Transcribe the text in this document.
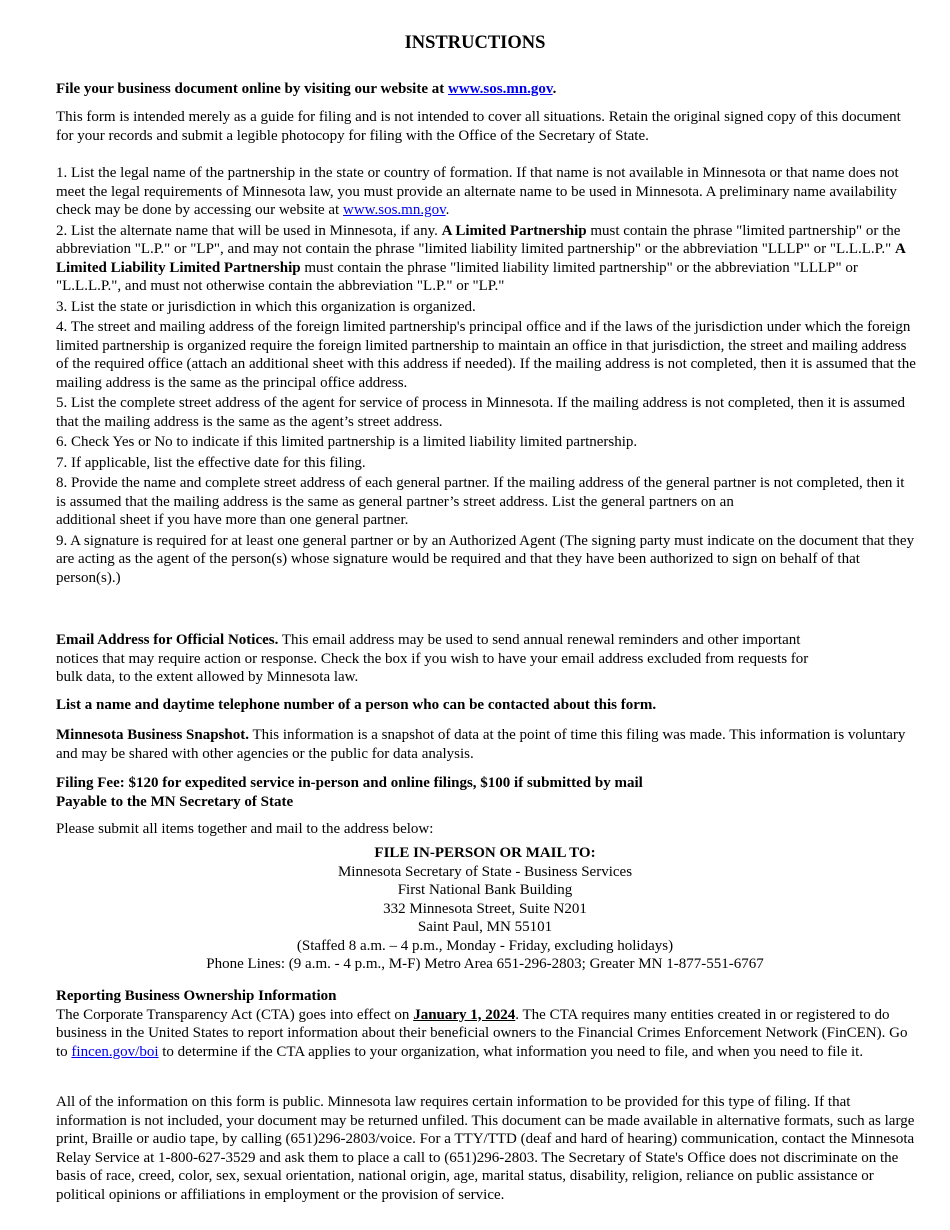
INSTRUCTIONS

File your business document online by visiting our website at www.sos.mn.gov.

This form is intended merely as a guide for filing and is not intended to cover all situations. Retain the original signed copy of this document for your records and submit a legible photocopy for filing with the Office of the Secretary of State.

1. List the legal name of the partnership in the state or country of formation. If that name is not available in Minnesota or that name does not meet the legal requirements of Minnesota law, you must provide an alternate name to be used in Minnesota. A preliminary name availability check may be done by accessing our website at www.sos.mn.gov.

2. List the alternate name that will be used in Minnesota, if any. A Limited Partnership must contain the phrase "limited partnership" or the abbreviation "L.P." or "LP", and may not contain the phrase "limited liability limited partnership" or the abbreviation "LLLP" or "L.L.L.P." A Limited Liability Limited Partnership must contain the phrase "limited liability limited partnership" or the abbreviation "LLLP" or "L.L.L.P.", and must not otherwise contain the abbreviation "L.P." or "LP."

3. List the state or jurisdiction in which this organization is organized.

4. The street and mailing address of the foreign limited partnership's principal office and if the laws of the jurisdiction under which the foreign limited partnership is organized require the foreign limited partnership to maintain an office in that jurisdiction, the street and mailing address of the required office (attach an additional sheet with this address if needed). If the mailing address is not completed, then it is assumed that the mailing address is the same as the principal office address.

5. List the complete street address of the agent for service of process in Minnesota. If the mailing address is not completed, then it is assumed that the mailing address is the same as the agent’s street address.

6. Check Yes or No to indicate if this limited partnership is a limited liability limited partnership.

7. If applicable, list the effective date for this filing.

8. Provide the name and complete street address of each general partner. If the mailing address of the general partner is not completed, then it is assumed that the mailing address is the same as general partner’s street address. List the general partners on an

additional sheet if you have more than one general partner.

9. A signature is required for at least one general partner or by an Authorized Agent (The signing party must indicate on the document that they are acting as the agent of the person(s) whose signature would be required and that they have been authorized to sign on behalf of that person(s).)

Email Address for Official Notices. This email address may be used to send annual renewal reminders and other important

notices that may require action or response. Check the box if you wish to have your email address excluded from requests for

bulk data, to the extent allowed by Minnesota law.

List a name and daytime telephone number of a person who can be contacted about this form.

Minnesota Business Snapshot. This information is a snapshot of data at the point of time this filing was made. This information is voluntary and may be shared with other agencies or the public for data analysis.

Filing Fee: $120 for expedited service in-person and online filings, $100 if submitted by mail

Payable to the MN Secretary of State

Please submit all items together and mail to the address below:

FILE IN-PERSON OR MAIL TO:

Minnesota Secretary of State - Business Services

First National Bank Building

332 Minnesota Street, Suite N201

Saint Paul, MN 55101

(Staffed 8 a.m. – 4 p.m., Monday - Friday, excluding holidays)

Phone Lines: (9 a.m. - 4 p.m., M-F) Metro Area 651-296-2803; Greater MN 1-877-551-6767

Reporting Business Ownership Information

The Corporate Transparency Act (CTA) goes into effect on January 1, 2024. The CTA requires many entities created in or registered to do business in the United States to report information about their beneficial owners to the Financial Crimes Enforcement Network (FinCEN). Go to fincen.gov/boi to determine if the CTA applies to your organization, what information you need to file, and when you need to file it.

All of the information on this form is public. Minnesota law requires certain information to be provided for this type of filing. If that information is not included, your document may be returned unfiled. This document can be made available in alternative formats, such as large print, Braille or audio tape, by calling (651)296-2803/voice. For a TTY/TTD (deaf and hard of hearing) communication, contact the Minnesota Relay Service at 1-800-627-3529 and ask them to place a call to (651)296-2803. The Secretary of State's Office does not discriminate on the basis of race, creed, color, sex, sexual orientation, national origin, age, marital status, disability, religion, reliance on public assistance or political opinions or affiliations in employment or the provision of service.
